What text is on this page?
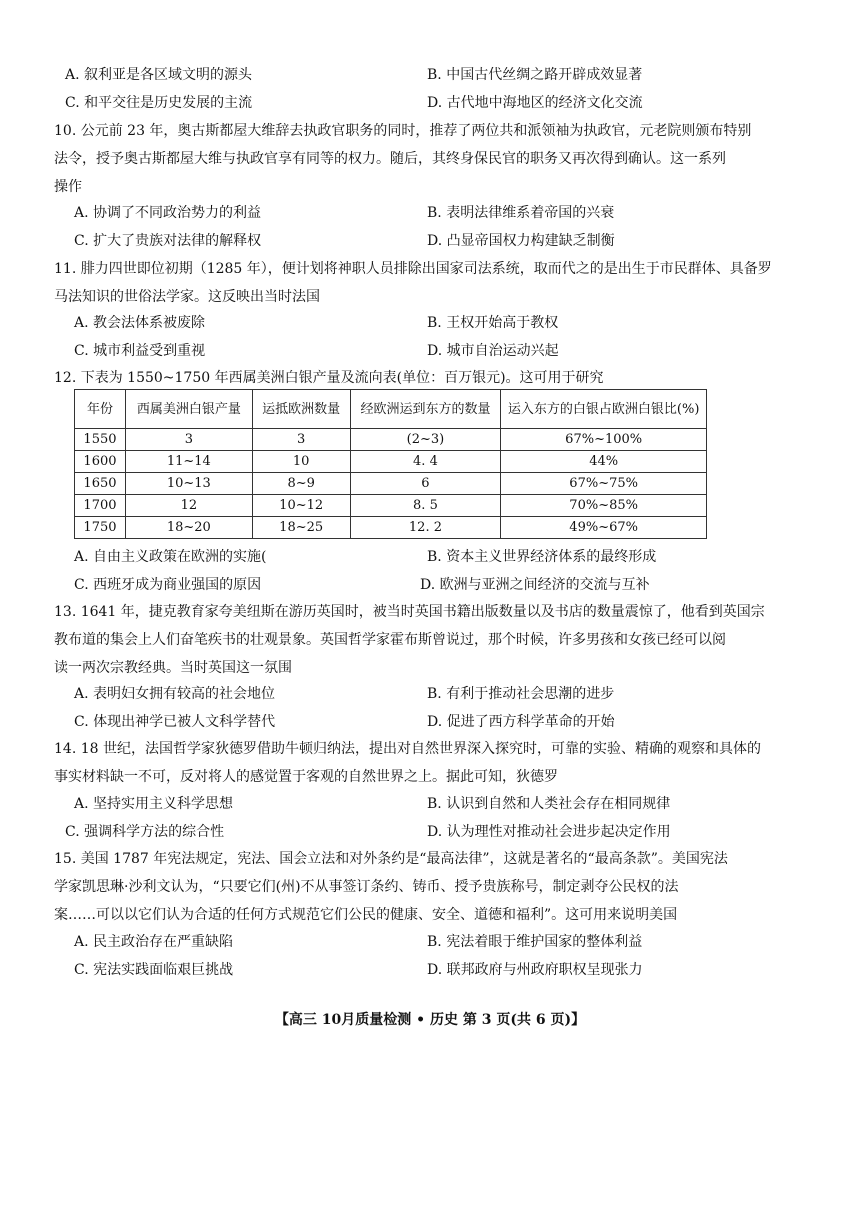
A. 叙利亚是各区域文明的源头	B. 中国古代丝绸之路开辟成效显著
C. 和平交往是历史发展的主流	D. 古代地中海地区的经济文化交流
10. 公元前 23 年，奥古斯都屋大维辞去执政官职务的同时，推荐了两位共和派领袖为执政官，元老院则颁布特别
法令，授予奥古斯都屋大维与执政官享有同等的权力。随后，其终身保民官的职务又再次得到确认。这一系列
操作
A. 协调了不同政治势力的利益	B. 表明法律维系着帝国的兴衰
C. 扩大了贵族对法律的解释权	D. 凸显帝国权力构建缺乏制衡
11. 腓力四世即位初期（1285 年），便计划将神职人员排除出国家司法系统，取而代之的是出生于市民群体、具备罗
马法知识的世俗法学家。这反映出当时法国
A. 教会法体系被废除	B. 王权开始高于教权
C. 城市利益受到重视	D. 城市自治运动兴起
12. 下表为 1550~1750 年西属美洲白银产量及流向表(单位：百万银元)。这可用于研究
年份	西属美洲白银产量	运抵欧洲数量	经欧洲运到东方的数量	运入东方的白银占欧洲白银比(%)
1550	3	3	(2~3)	67%~100%
1600	11~14	10	4. 4	44%
1650	10~13	8~9	6	67%~75%
1700	12	10~12	8. 5	70%~85%
1750	18~20	18~25	12. 2	49%~67%
A. 自由主义政策在欧洲的实施(	B. 资本主义世界经济体系的最终形成
C. 西班牙成为商业强国的原因	D. 欧洲与亚洲之间经济的交流与互补
13. 1641 年，捷克教育家夸美纽斯在游历英国时，被当时英国书籍出版数量以及书店的数量震惊了，他看到英国宗
教布道的集会上人们奋笔疾书的壮观景象。英国哲学家霍布斯曾说过，那个时候，许多男孩和女孩已经可以阅
读一两次宗教经典。当时英国这一氛围
A. 表明妇女拥有较高的社会地位	B. 有利于推动社会思潮的进步
C. 体现出神学已被人文科学替代	D. 促进了西方科学革命的开始
14. 18 世纪，法国哲学家狄德罗借助牛顿归纳法，提出对自然世界深入探究时，可靠的实验、精确的观察和具体的
事实材料缺一不可，反对将人的感觉置于客观的自然世界之上。据此可知，狄德罗
A. 坚持实用主义科学思想	B. 认识到自然和人类社会存在相同规律
C. 强调科学方法的综合性	D. 认为理性对推动社会进步起决定作用
15. 美国 1787 年宪法规定，宪法、国会立法和对外条约是“最高法律”，这就是著名的“最高条款”。美国宪法
学家凯思琳·沙利文认为，“只要它们(州)不从事签订条约、铸币、授予贵族称号，制定剥夺公民权的法
案……可以以它们认为合适的任何方式规范它们公民的健康、安全、道德和福利”。这可用来说明美国
A. 民主政治存在严重缺陷	B. 宪法着眼于维护国家的整体利益
C. 宪法实践面临艰巨挑战	D. 联邦政府与州政府职权呈现张力
【高三 10月质量检测 • 历史 第 3 页(共 6 页)】
